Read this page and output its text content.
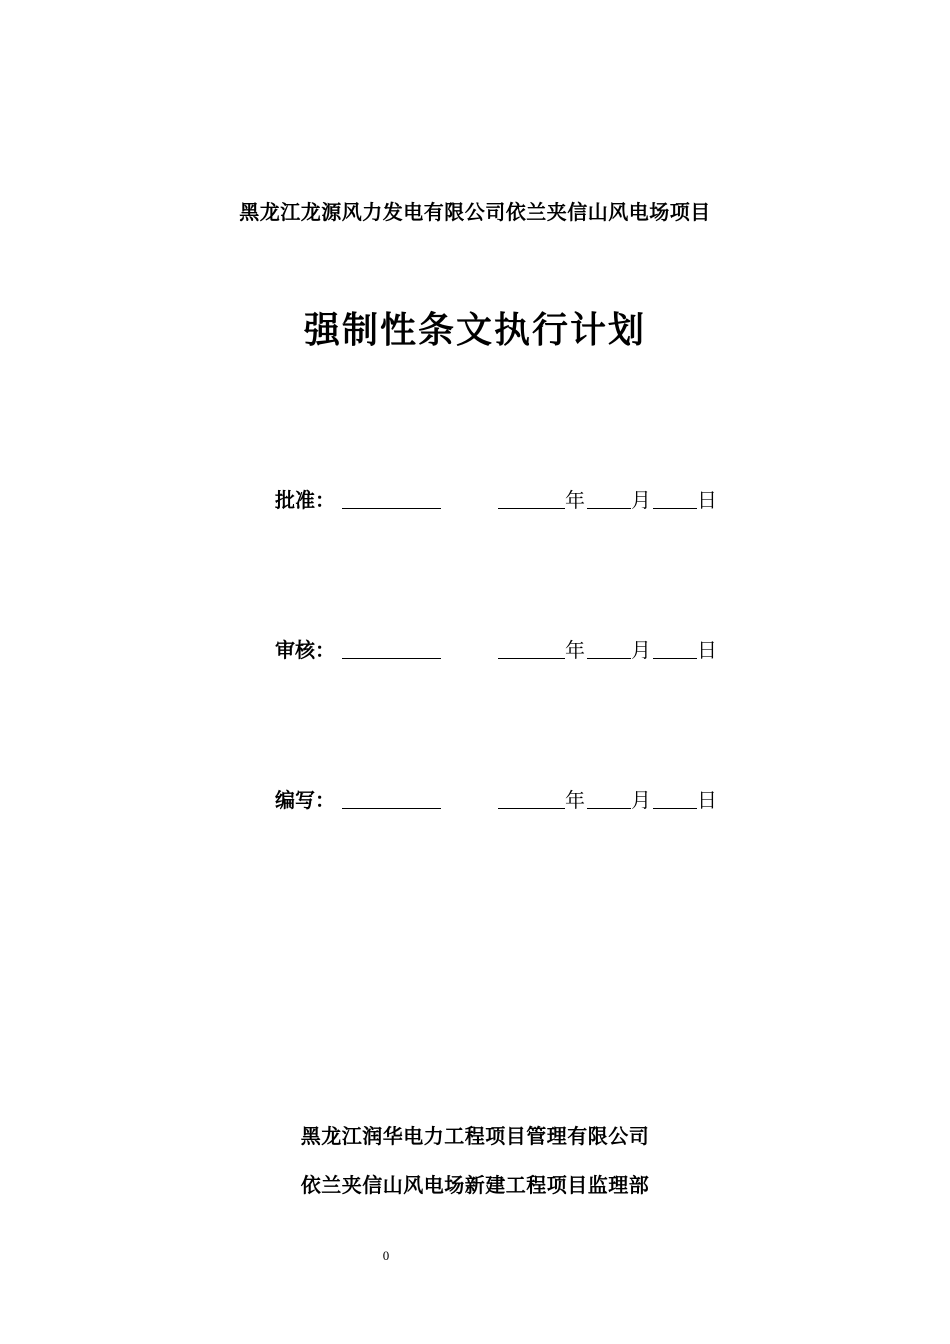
黑龙江龙源风力发电有限公司依兰夹信山风电场项目
强制性条文执行计划
批准：	年 月 日
审核：	年 月 日
编写：	年 月 日
黑龙江润华电力工程项目管理有限公司
依兰夹信山风电场新建工程项目监理部
0
